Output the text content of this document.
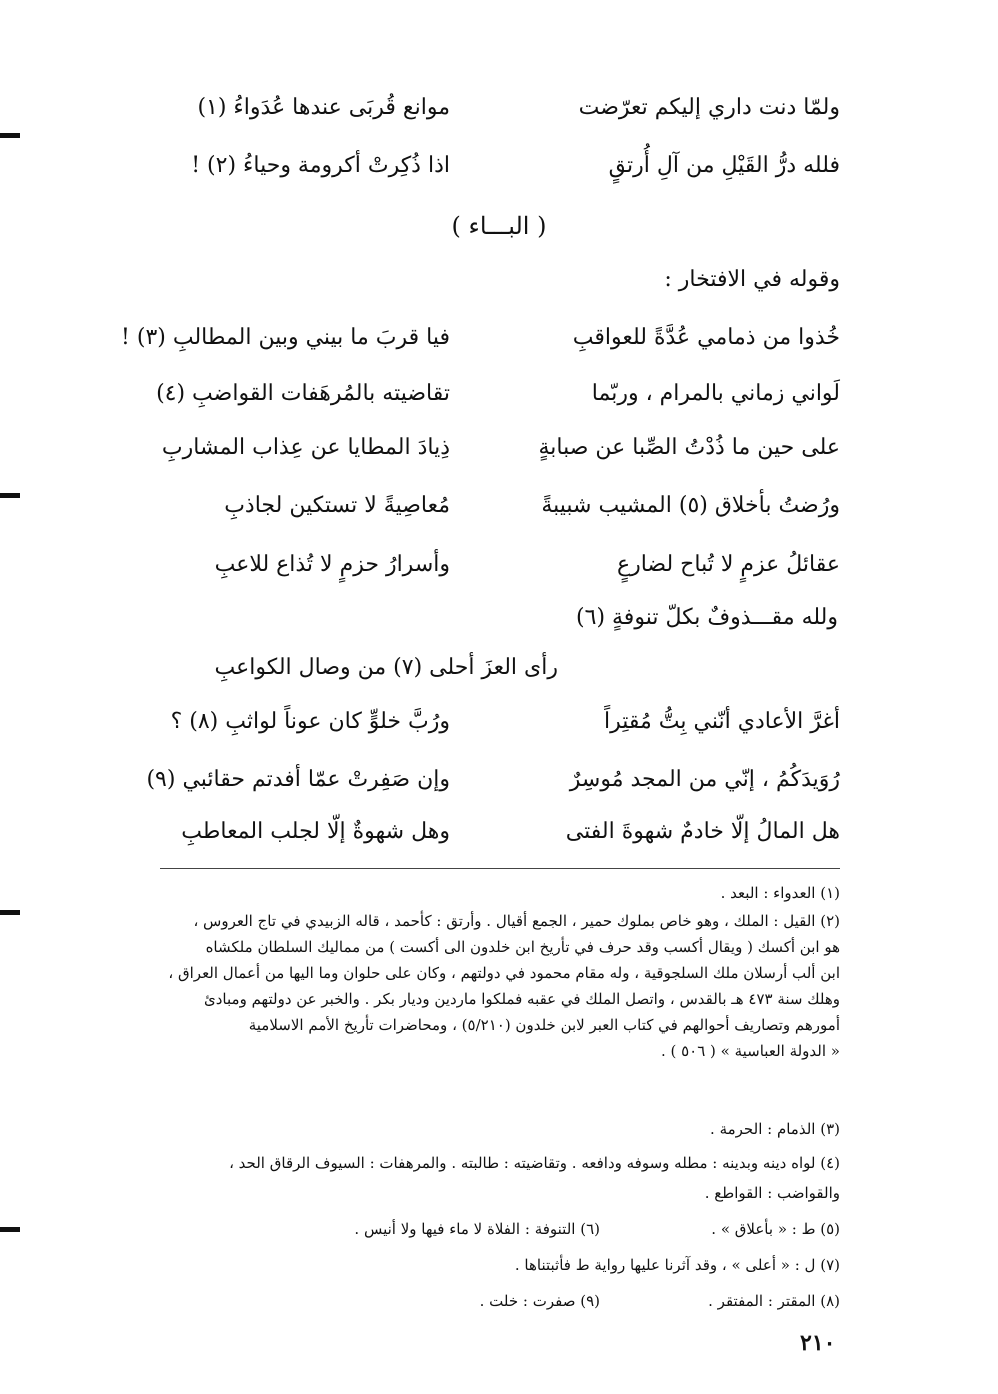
ولمّا دنت داري إليكم تعرّضت
موانع قُربَى عندها عُدَواءُ (١)
فلله درُّ القَيْلِ من آلِ أُرتقٍ
اذا ذُكِرتْ أكرومة وحياءُ (٢) !
( البـــاء )
وقوله في الافتخار :
خُذوا من ذمامي عُدَّةً للعواقبِ
فيا قربَ ما بيني وبين المطالبِ (٣) !
لَواني زماني بالمرام ، وربّما
تقاضيته بالمُرهَفات القواضبِ (٤)
على حين ما ذُدْتُ الصِّبا عن صبابةٍ
ذِيادَ المطايا عن عِذاب المشاربِ
ورُضتُ بأخلاق (٥) المشيب شبيبةً
مُعاصِيةً لا تستكين لجاذبِ
عقائلُ عزمٍ لا تُباح لضارعٍ
وأسرارُ حزمٍ لا تُذاع للاعبِ
ولله مقـــذوفٌ بكلّ تنوفةٍ (٦)
رأى العزَ أحلى (٧) من وصال الكواعبِ
أغرَّ الأعادي أنّني بِتُّ مُقتِراً
ورُبَّ خلوٍّ كان عوناً لواثبِ (٨) ؟
رُوَيدَكُمُ ، إنّي من المجد مُوسِرٌ
وإن صَفِرتْ عمّا أفدتم حقائبي (٩)
هل المالُ إلّا خادمٌ شهوةَ الفتى
وهل شهوةٌ إلّا لجلب المعاطبِ
(١) العدواء : البعد .
(٢) القيل : الملك ، وهو خاص بملوك حمير ، الجمع أقيال . وأرتق : كأحمد ، قاله الزبيدي في تاج العروس ،
هو ابن أكسك ( ويقال أكسب وقد حرف في تأريخ ابن خلدون الى أكست ) من مماليك السلطان ملكشاه
ابن ألب أرسلان ملك السلجوقية ، وله مقام محمود في دولتهم ، وكان على حلوان وما اليها من أعمال العراق ،
وهلك سنة ٤٧٣ هـ بالقدس ، واتصل الملك في عقبه فملكوا ماردين وديار بكر . والخبر عن دولتهم ومبادئ
أمورهم وتصاريف أحوالهم في كتاب العبر لابن خلدون (٥/٢١٠) ، ومحاضرات تأريخ الأمم الاسلامية
« الدولة العباسية » ( ٥٠٦ ) .
(٣) الذمام : الحرمة .
(٤) لواه دينه وبدينه : مطله وسوفه ودافعه . وتقاضيته : طالبته . والمرهفات : السيوف الرقاق الحد ،
والقواضب : القواطع .
(٥) ط : « بأعلاق » .
(٦) التنوفة : الفلاة لا ماء فيها ولا أنيس .
(٧) ل : « أعلى » ، وقد آثرنا عليها رواية ط فأثبتناها .
(٨) المقتر : المفتقر .
(٩) صفرت : خلت .
٢١٠
